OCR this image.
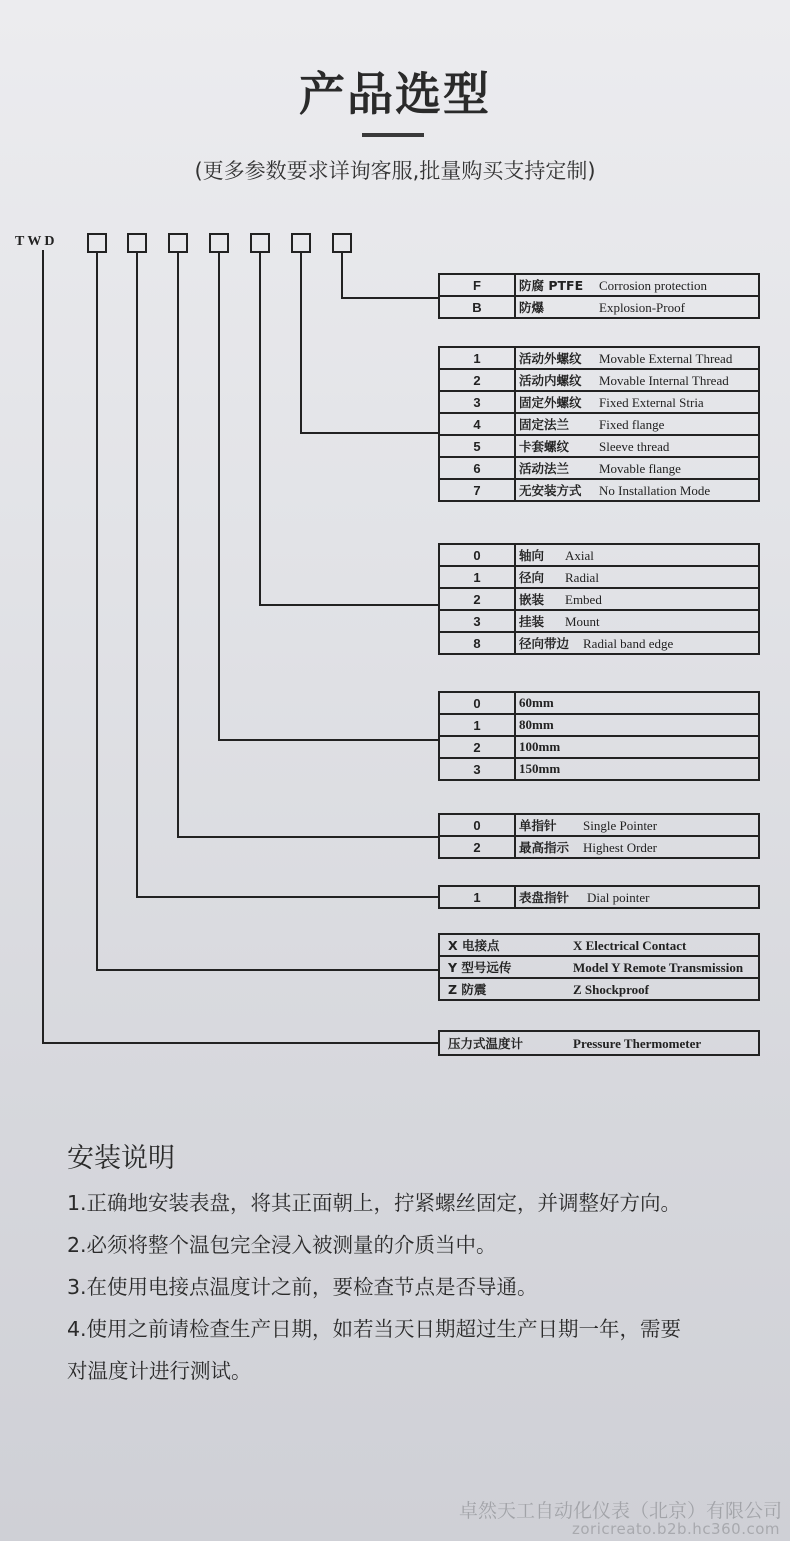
产品选型
(更多参数要求详询客服,批量购买支持定制)
TWD
F	防腐 PTFE Corrosion protection
B	防爆 Explosion-Proof
1	活动外螺纹 Movable External Thread
2	活动内螺纹 Movable Internal Thread
3	固定外螺纹 Fixed External Stria
4	固定法兰 Fixed flange
5	卡套螺纹 Sleeve thread
6	活动法兰 Movable flange
7	无安装方式 No Installation Mode
0	轴向 Axial
1	径向 Radial
2	嵌装 Embed
3	挂装 Mount
8	径向带边 Radial band edge
0	60mm
1	80mm
2	100mm
3	150mm
0	单指针 Single Pointer
2	最高指示 Highest Order
1	表盘指针 Dial pointer
X 电接点	X Electrical Contact
Y 型号远传	Model Y Remote Transmission
Z 防震	Z Shockproof
压力式温度计	Pressure Thermometer
安装说明

1.正确地安装表盘，将其正面朝上，拧紧螺丝固定，并调整好方向。

2.必须将整个温包完全浸入被测量的介质当中。

3.在使用电接点温度计之前，要检查节点是否导通。

4.使用之前请检查生产日期，如若当天日期超过生产日期一年，需要对温度计进行测试。

卓然天工自动化仪表（北京）有限公司
zoricreato.b2b.hc360.com
